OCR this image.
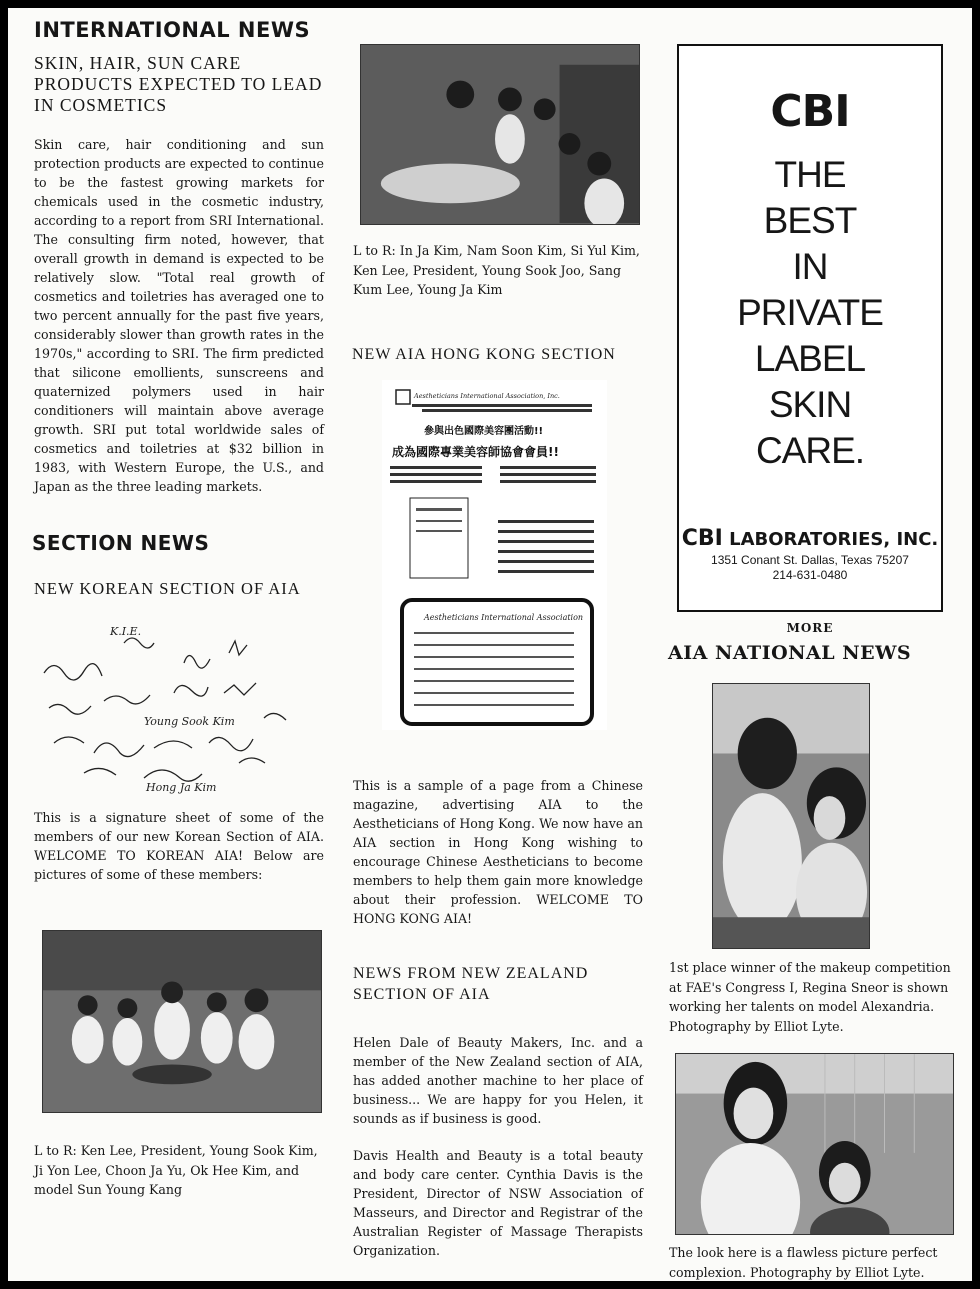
INTERNATIONAL NEWS
SKIN, HAIR, SUN CARE PRODUCTS EXPECTED TO LEAD IN COSMETICS
Skin care, hair conditioning and sun protection products are expected to continue to be the fastest growing markets for chemicals used in the cosmetic industry, according to a report from SRI International. The consulting firm noted, however, that overall growth in demand is expected to be relatively slow. "Total real growth of cosmetics and toiletries has averaged one to two percent annually for the past five years, considerably slower than growth rates in the 1970s," according to SRI. The firm predicted that silicone emollients, sunscreens and quaternized polymers used in hair conditioners will maintain above average growth. SRI put total worldwide sales of cosmetics and toiletries at $32 billion in 1983, with Western Europe, the U.S., and Japan as the three leading markets.
SECTION NEWS
NEW KOREAN SECTION OF AIA
K.I.E.
Young Sook Kim
Hong Ja Kim
This is a signature sheet of some of the members of our new Korean Section of AIA. WELCOME TO KOREAN AIA! Below are pictures of some of these members:
L to R: Ken Lee, President, Young Sook Kim, Ji Yon Lee, Choon Ja Yu, Ok Hee Kim, and model Sun Young Kang
L to R: In Ja Kim, Nam Soon Kim, Si Yul Kim, Ken Lee, President, Young Sook Joo, Sang Kum Lee, Young Ja Kim
NEW AIA HONG KONG SECTION
Aestheticians International Association, Inc.
參與出色國際美容團活動!!
成為國際專業美容師協會會員!!
Aestheticians International Association
This is a sample of a page from a Chinese magazine, advertising AIA to the Aestheticians of Hong Kong. We now have an AIA section in Hong Kong wishing to encourage Chinese Aestheticians to become members to help them gain more knowledge about their profession. WELCOME TO HONG KONG AIA!
NEWS FROM NEW ZEALAND SECTION OF AIA
Helen Dale of Beauty Makers, Inc. and a member of the New Zealand section of AIA, has added another machine to her place of business... We are happy for you Helen, it sounds as if business is good.
Davis Health and Beauty is a total beauty and body care center. Cynthia Davis is the President, Director of NSW Association of Masseurs, and Director and Registrar of the Australian Register of Massage Therapists Organization.
CBI
THE
BEST
IN
PRIVATE
LABEL
SKIN
CARE.
CBI LABORATORIES, INC.
1351 Conant St. Dallas, Texas 75207
214-631-0480
MORE
AIA NATIONAL NEWS
1st place winner of the makeup competition at FAE's Congress I, Regina Sneor is shown working her talents on model Alexandria. Photography by Elliot Lyte.
The look here is a flawless picture perfect complexion. Photography by Elliot Lyte.
